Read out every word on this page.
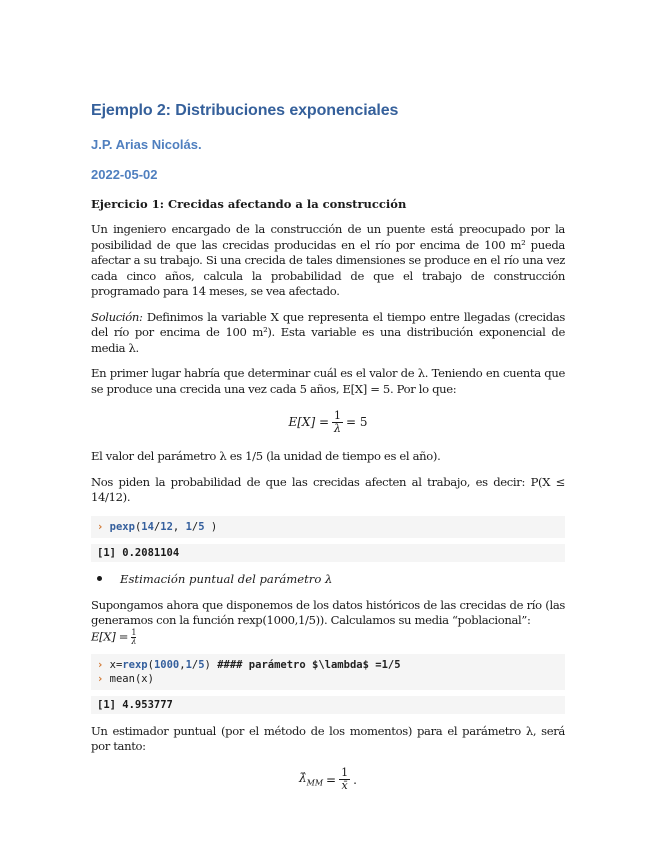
Ejemplo 2: Distribuciones exponenciales
J.P. Arias Nicolás.
2022-05-02
Ejercicio 1: Crecidas afectando a la construcción

Un ingeniero encargado de la construcción de un puente está preocupado por la posibilidad de que las crecidas producidas en el río por encima de 100 m² pueda afectar a su trabajo. Si una crecida de tales dimensiones se produce en el río una vez cada cinco años, calcula la probabilidad de que el trabajo de construcción programado para 14 meses, se vea afectado.

Solución: Definimos la variable X que representa el tiempo entre llegadas (crecidas del río por encima de 100 m²). Esta variable es una distribución exponencial de media λ.

En primer lugar habría que determinar cuál es el valor de λ. Teniendo en cuenta que se produce una crecida una vez cada 5 años, E[X] = 5. Por lo que:

$E[X] = \frac{1}{\lambda} = 5$

El valor del parámetro λ es 1/5 (la unidad de tiempo es el año).

Nos piden la probabilidad de que las crecidas afecten al trabajo, es decir: P(X ≤ 14/12).

› pexp(14/12, 1/5 )
[1] 0.2081104
Estimación puntual del parámetro λ

Supongamos ahora que disponemos de los datos históricos de las crecidas de río (las generamos con la función rexp(1000,1/5)). Calculamos su media “poblacional”:
$E[X] = \frac{1}{\lambda}$

› x=rexp(1000,1/5) #### parámetro $\lambda$ =1/5
› mean(x)
[1] 4.953777

Un estimador puntual (por el método de los momentos) para el parámetro λ, será por tanto:

$\lambdâ_{MM} = \frac{1}{x̄}$ .
